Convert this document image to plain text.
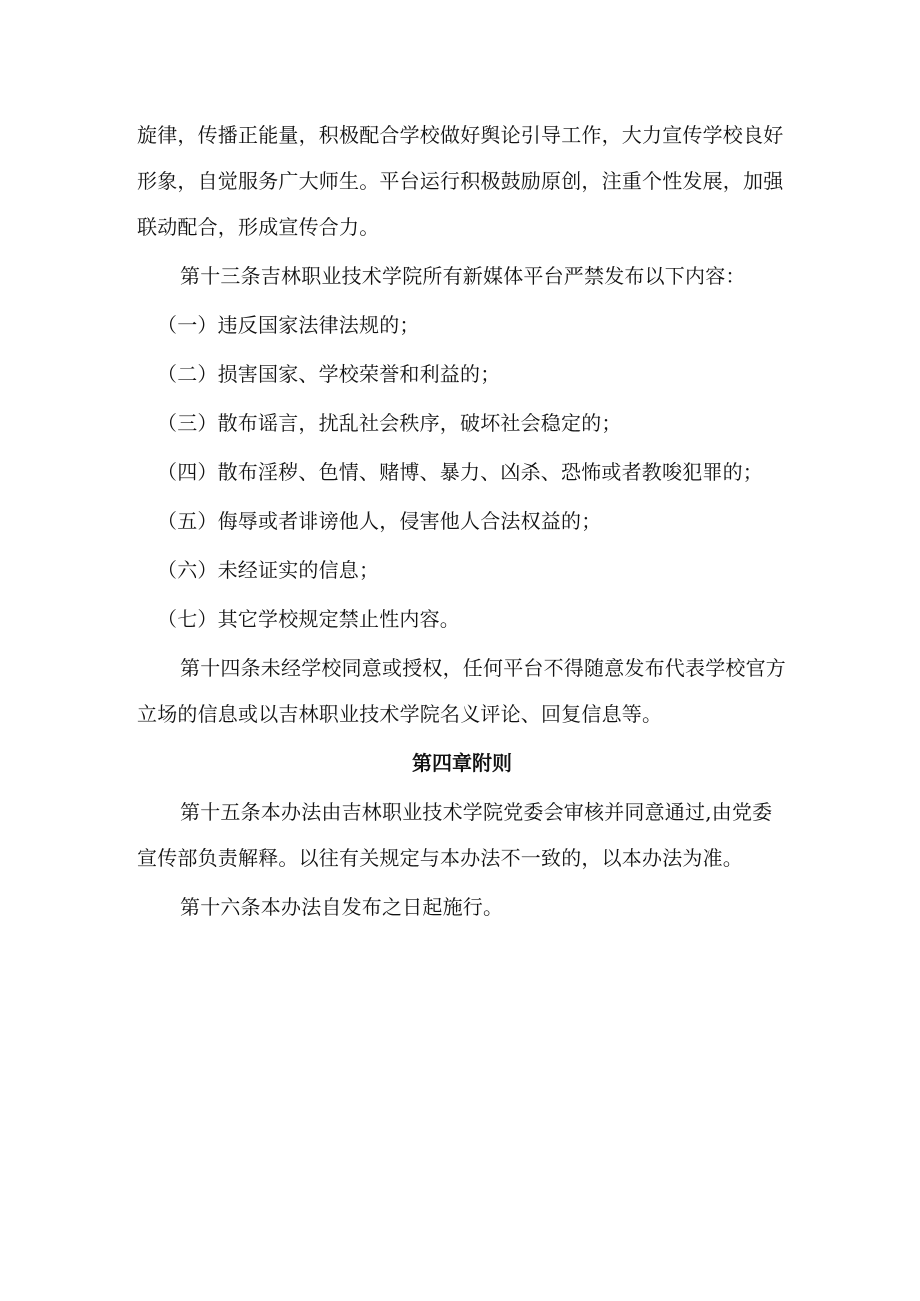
旋律，传播正能量，积极配合学校做好舆论引导工作，大力宣传学校良好

形象，自觉服务广大师生。平台运行积极鼓励原创，注重个性发展，加强

联动配合，形成宣传合力。

第十三条吉林职业技术学院所有新媒体平台严禁发布以下内容：

（一）违反国家法律法规的；

（二）损害国家、学校荣誉和利益的；

（三）散布谣言，扰乱社会秩序，破坏社会稳定的；

（四）散布淫秽、色情、赌博、暴力、凶杀、恐怖或者教唆犯罪的；

（五）侮辱或者诽谤他人，侵害他人合法权益的；

（六）未经证实的信息；

（七）其它学校规定禁止性内容。

第十四条未经学校同意或授权，任何平台不得随意发布代表学校官方

立场的信息或以吉林职业技术学院名义评论、回复信息等。

第四章附则

第十五条本办法由吉林职业技术学院党委会审核并同意通过,由党委

宣传部负责解释。以往有关规定与本办法不一致的，以本办法为准。

第十六条本办法自发布之日起施行。
